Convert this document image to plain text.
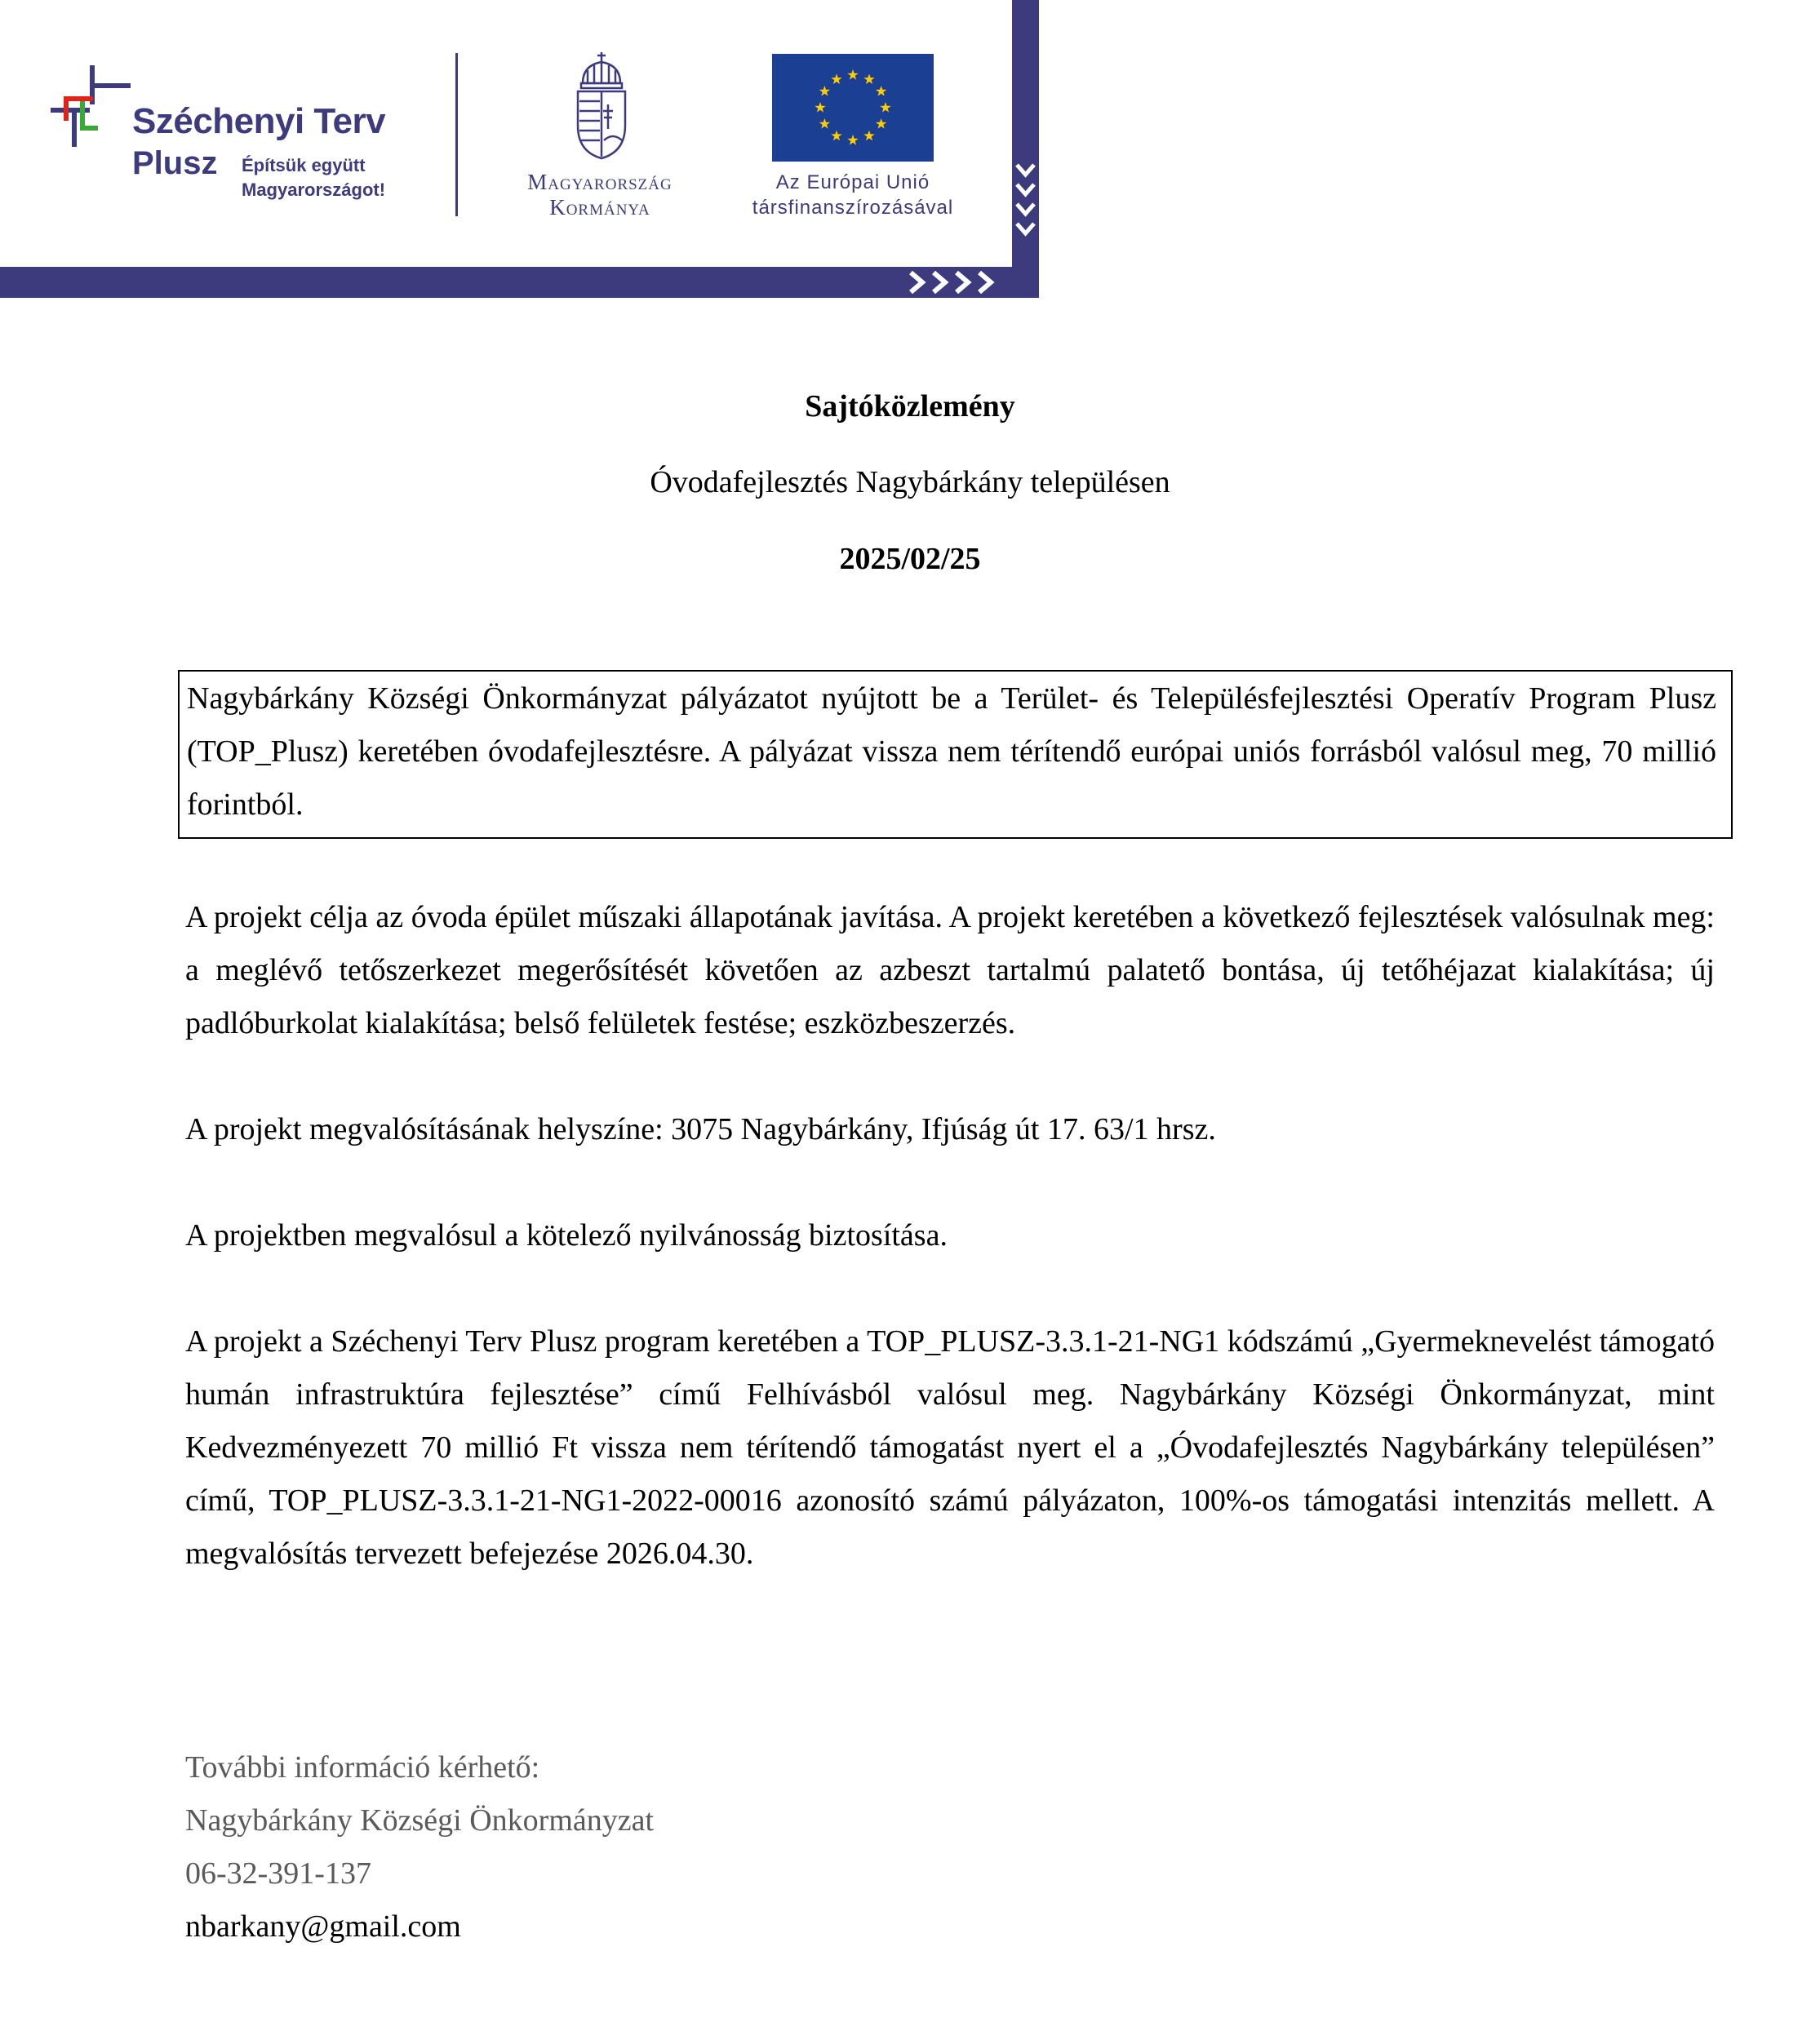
Széchenyi Terv
Plusz Építsük együtt Magyarországot!	Magyarország Kormánya
Az Európai Unió társfinanszírozásával
Sajtóközlemény
Óvodafejlesztés Nagybárkány településen
2025/02/25

Nagybárkány Községi Önkormányzat pályázatot nyújtott be a Terület- és Településfejlesztési Operatív Program Plusz (TOP_Plusz) keretében óvodafejlesztésre. A pályázat vissza nem térítendő európai uniós forrásból valósul meg, 70 millió forintból.

A projekt célja az óvoda épület műszaki állapotának javítása. A projekt keretében a következő fejlesztések valósulnak meg: a meglévő tetőszerkezet megerősítését követően az azbeszt tartalmú palatető bontása, új tetőhéjazat kialakítása; új padlóburkolat kialakítása; belső felületek festése; eszközbeszerzés.

A projekt megvalósításának helyszíne: 3075 Nagybárkány, Ifjúság út 17. 63/1 hrsz.
A projektben megvalósul a kötelező nyilvánosság biztosítása.

A projekt a Széchenyi Terv Plusz program keretében a TOP_PLUSZ-3.3.1-21-NG1 kódszámú „Gyermeknevelést támogató humán infrastruktúra fejlesztése” című Felhívásból valósul meg. Nagybárkány Községi Önkormányzat, mint Kedvezményezett 70 millió Ft vissza nem térítendő támogatást nyert el a „Óvodafejlesztés Nagybárkány településen” című, TOP_PLUSZ-3.3.1-21-NG1-2022-00016 azonosító számú pályázaton, 100%-os támogatási intenzitás mellett. A megvalósítás tervezett befejezése 2026.04.30.

További információ kérhető:
Nagybárkány Községi Önkormányzat
06-32-391-137
nbarkany@gmail.com
